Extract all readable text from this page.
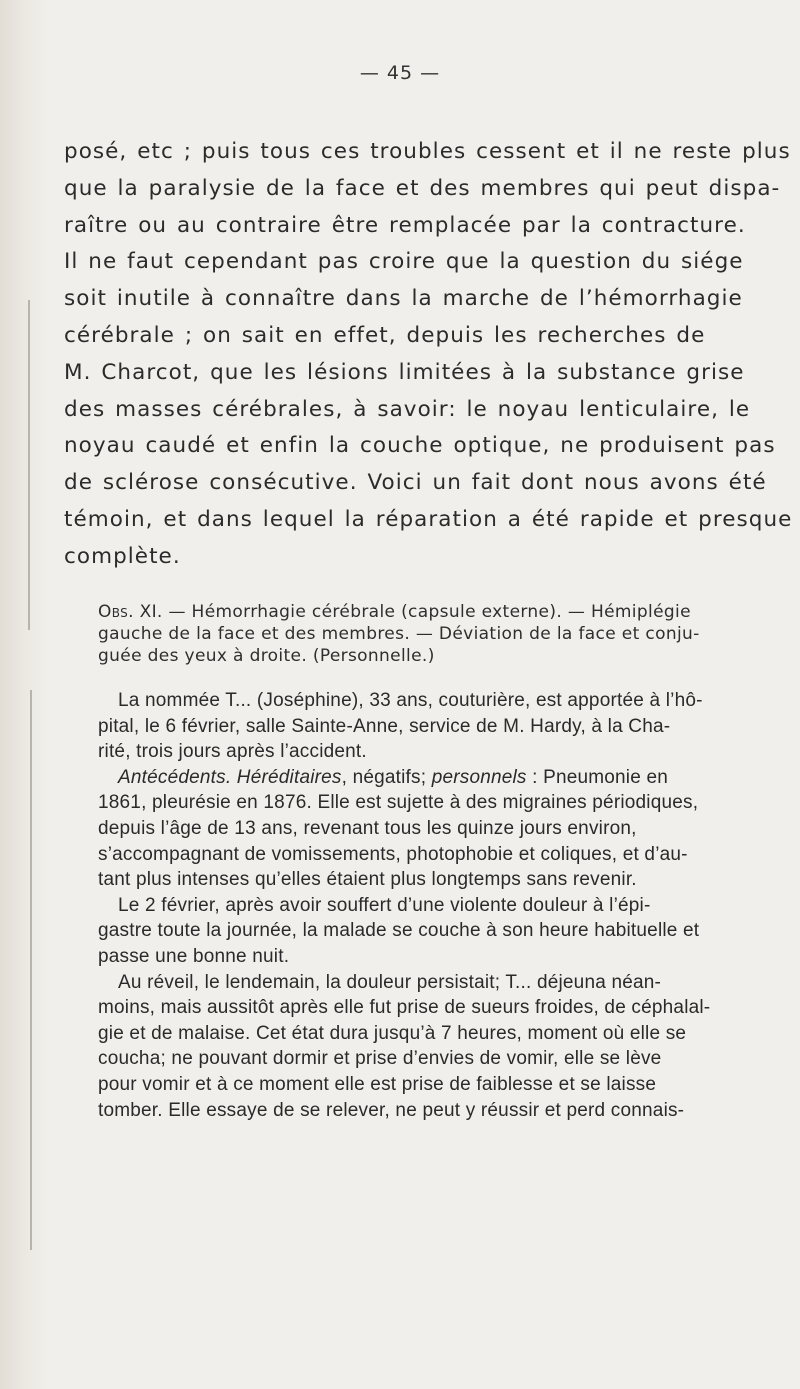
— 45 —
posé, etc ; puis tous ces troubles cessent et il ne reste plus
que la paralysie de la face et des membres qui peut dispa-
raître ou au contraire être remplacée par la contracture.
Il ne faut cependant pas croire que la question du siége
soit inutile à connaître dans la marche de l’hémorrhagie
cérébrale ; on sait en effet, depuis les recherches de
M. Charcot, que les lésions limitées à la substance grise
des masses cérébrales, à savoir: le noyau lenticulaire, le
noyau caudé et enfin la couche optique, ne produisent pas
de sclérose consécutive. Voici un fait dont nous avons été
témoin, et dans lequel la réparation a été rapide et presque
complète.
Obs. XI. — Hémorrhagie cérébrale (capsule externe). — Hémiplégie
gauche de la face et des membres. — Déviation de la face et conju-
guée des yeux à droite. (Personnelle.)
La nommée T... (Joséphine), 33 ans, couturière, est apportée à l’hô-
pital, le 6 février, salle Sainte-Anne, service de M. Hardy, à la Cha-
rité, trois jours après l’accident.
Antécédents. Héréditaires, négatifs; personnels : Pneumonie en
1861, pleurésie en 1876. Elle est sujette à des migraines périodiques,
depuis l’âge de 13 ans, revenant tous les quinze jours environ,
s’accompagnant de vomissements, photophobie et coliques, et d’au-
tant plus intenses qu’elles étaient plus longtemps sans revenir.
Le 2 février, après avoir souffert d’une violente douleur à l’épi-
gastre toute la journée, la malade se couche à son heure habituelle et
passe une bonne nuit.
Au réveil, le lendemain, la douleur persistait; T... déjeuna néan-
moins, mais aussitôt après elle fut prise de sueurs froides, de céphalal-
gie et de malaise. Cet état dura jusqu’à 7 heures, moment où elle se
coucha; ne pouvant dormir et prise d’envies de vomir, elle se lève
pour vomir et à ce moment elle est prise de faiblesse et se laisse
tomber. Elle essaye de se relever, ne peut y réussir et perd connais-
